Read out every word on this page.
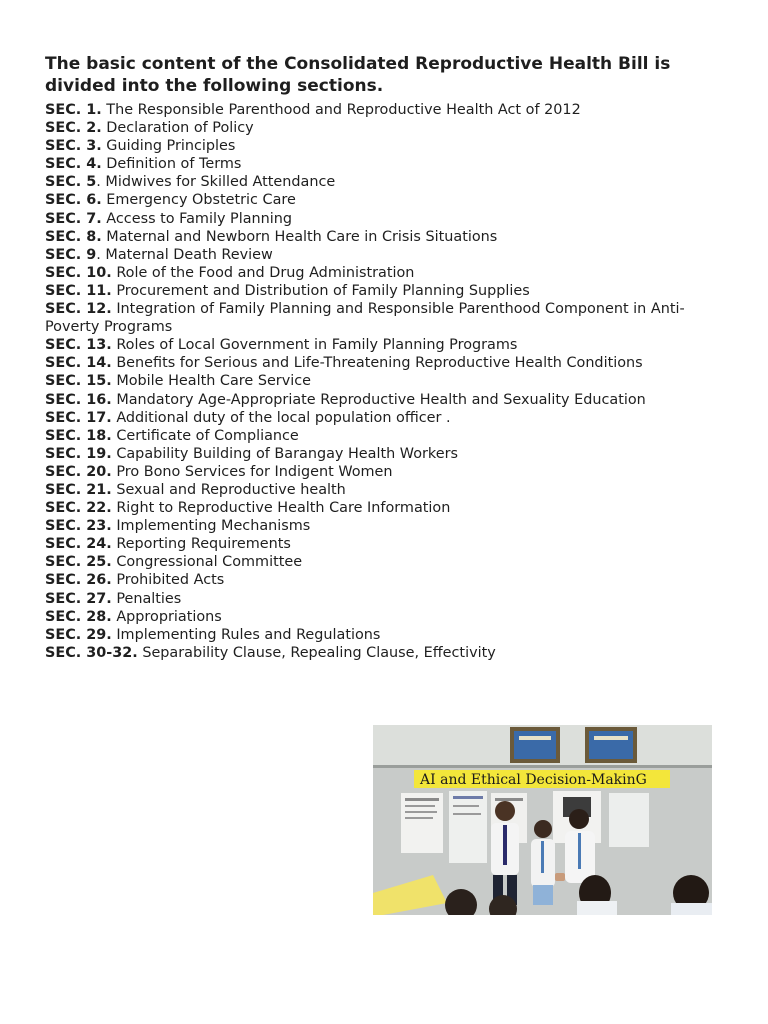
The basic content of the Consolidated Reproductive Health Bill is divided into the following sections.
SEC. 1. The Responsible Parenthood and Reproductive Health Act of 2012
SEC. 2. Declaration of Policy
SEC. 3. Guiding Principles
SEC. 4. Definition of Terms
SEC. 5. Midwives for Skilled Attendance
SEC. 6. Emergency Obstetric Care
SEC. 7. Access to Family Planning
SEC. 8. Maternal and Newborn Health Care in Crisis Situations
SEC. 9. Maternal Death Review
SEC. 10. Role of the Food and Drug Administration
SEC. 11. Procurement and Distribution of Family Planning Supplies
SEC. 12. Integration of Family Planning and Responsible Parenthood Component in Anti-Poverty Programs
SEC. 13. Roles of Local Government in Family Planning Programs
SEC. 14. Benefits for Serious and Life-Threatening Reproductive Health Conditions
SEC. 15. Mobile Health Care Service
SEC. 16. Mandatory Age-Appropriate Reproductive Health and Sexuality Education
SEC. 17. Additional duty of the local population officer .
SEC. 18. Certificate of Compliance
SEC. 19. Capability Building of Barangay Health Workers
SEC. 20. Pro Bono Services for Indigent Women
SEC. 21. Sexual and Reproductive health
SEC. 22. Right to Reproductive Health Care Information
SEC. 23. Implementing Mechanisms
SEC. 24. Reporting Requirements
SEC. 25. Congressional Committee
SEC. 26. Prohibited Acts
SEC. 27. Penalties
SEC. 28. Appropriations
SEC. 29. Implementing Rules and Regulations
SEC. 30-32. Separability Clause, Repealing Clause, Effectivity
AI and Ethical Decision-MakinG
